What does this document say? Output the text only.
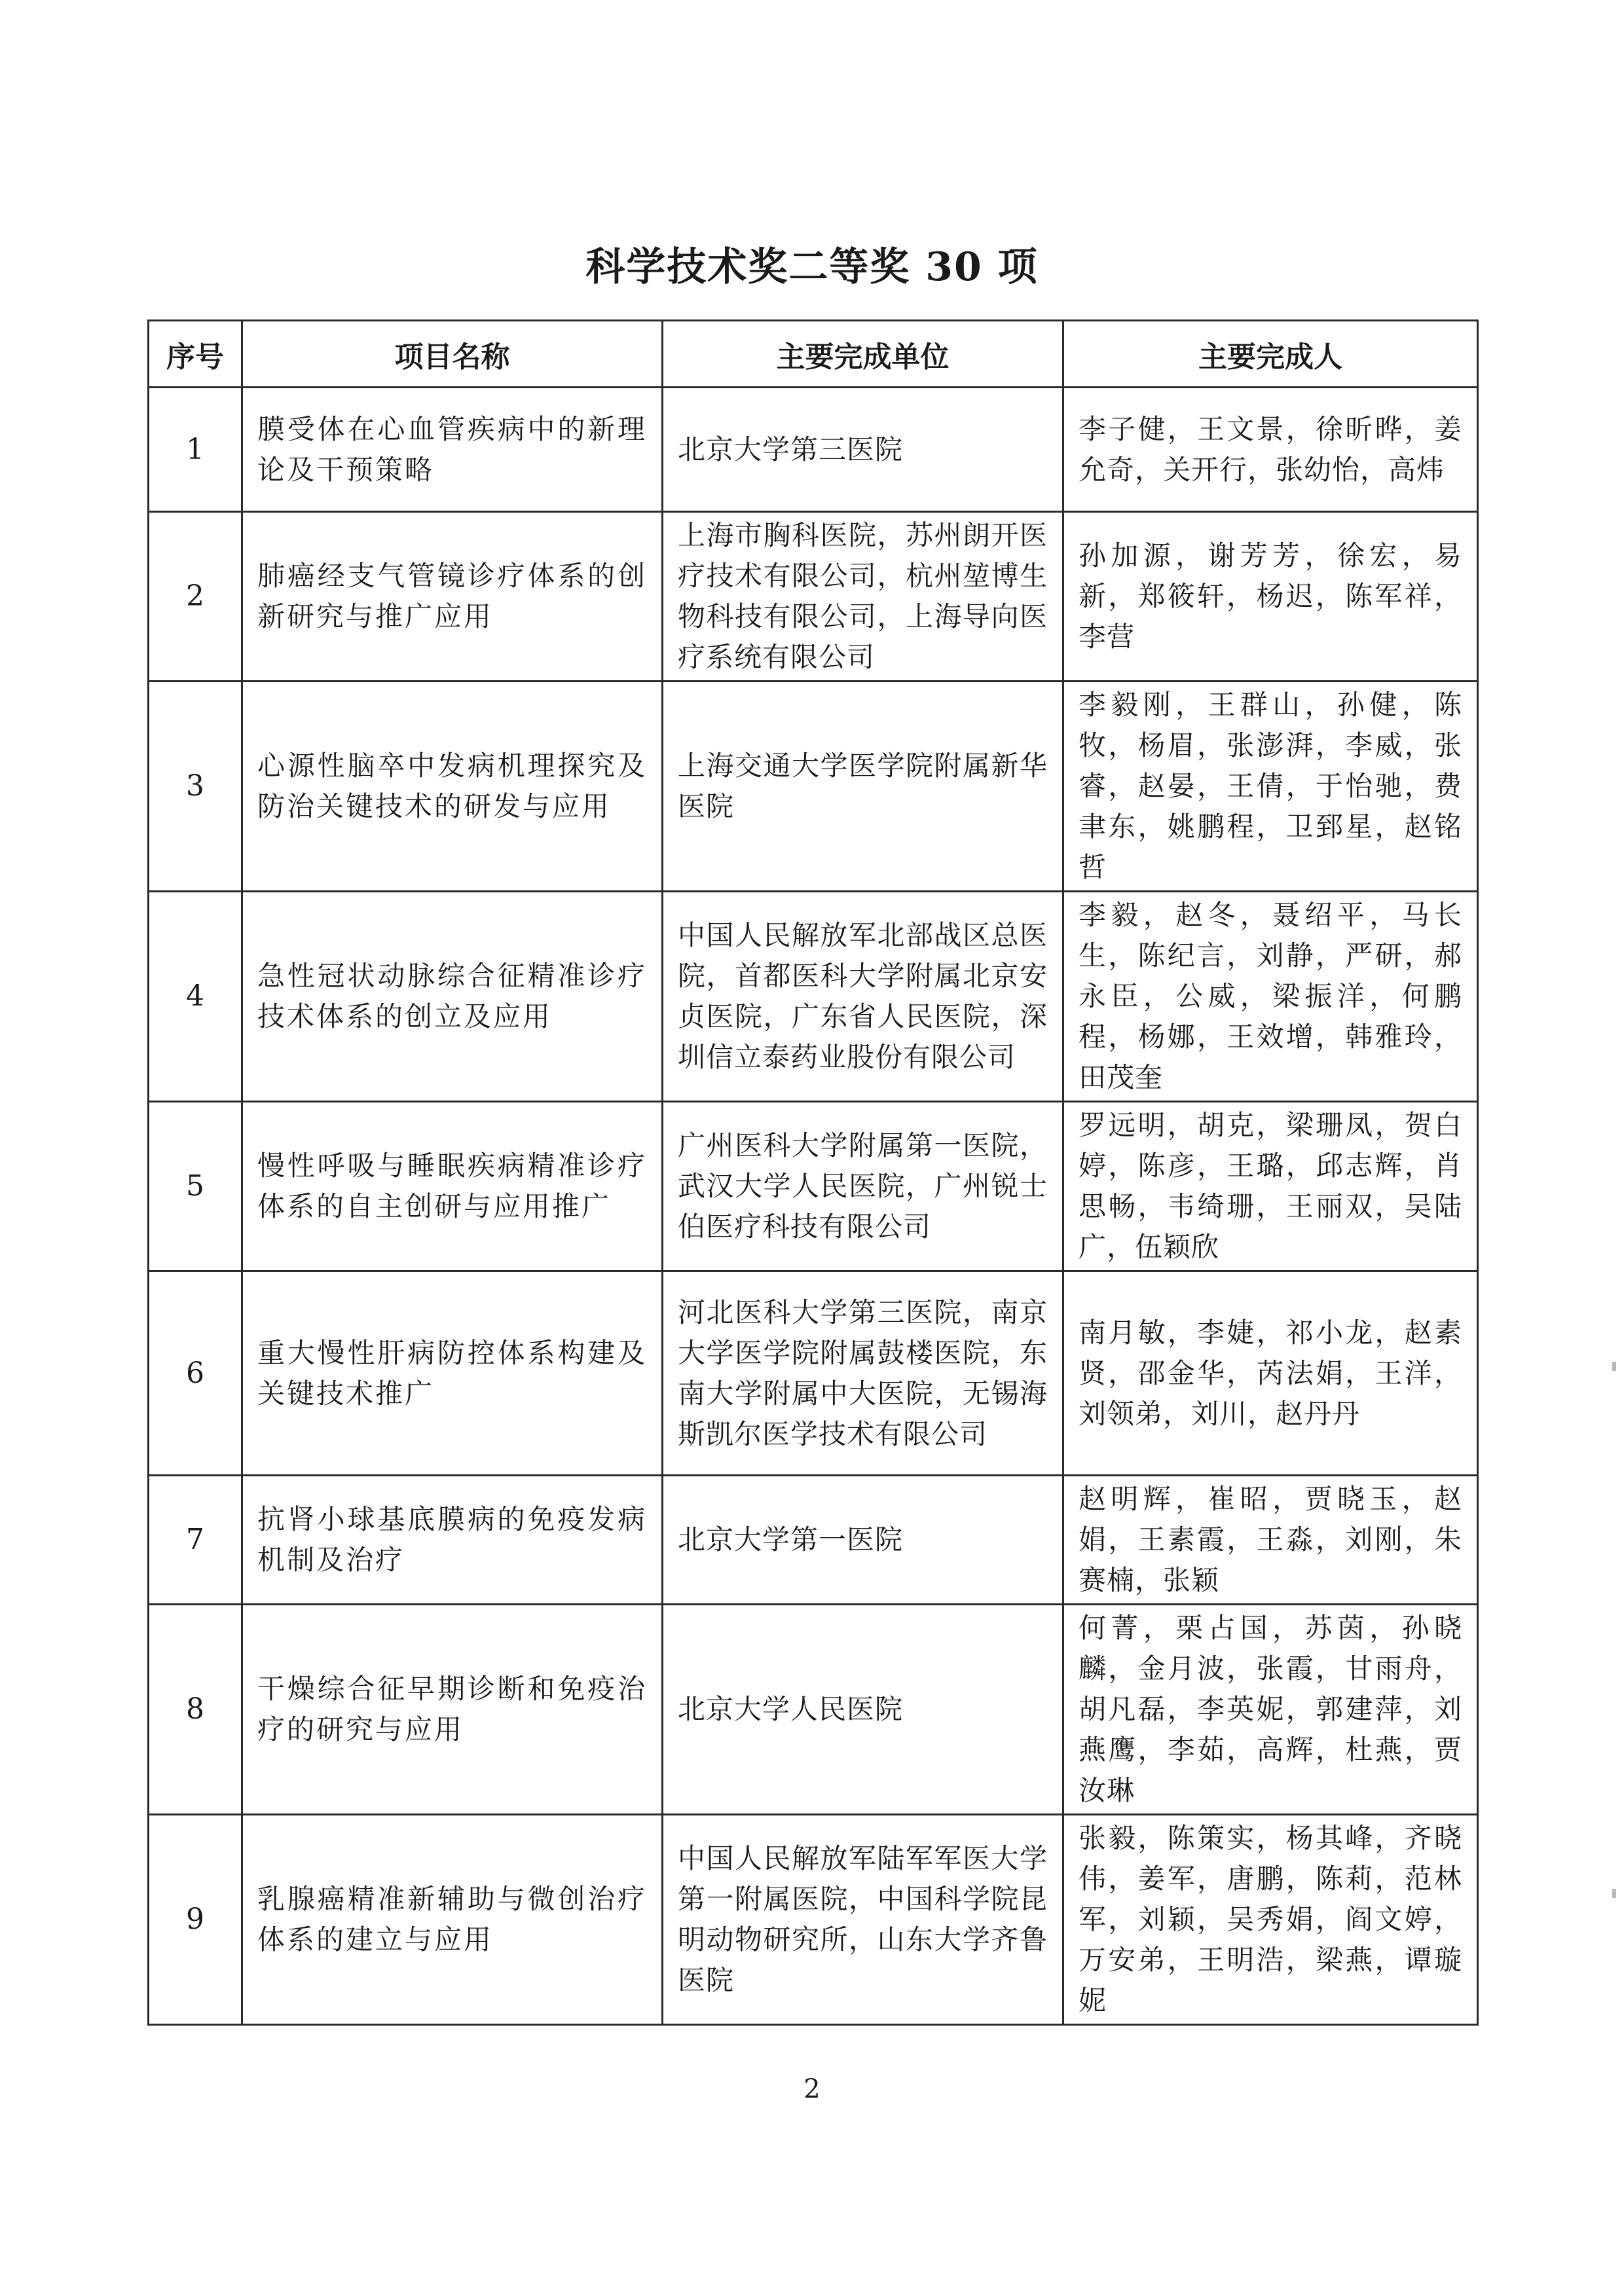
科学技术奖二等奖 30 项
序号	项目名称	主要完成单位	主要完成人
1	膜受体在心血管疾病中的新理论及干预策略	北京大学第三医院	李子健，王文景，徐昕晔，姜允奇，关开行，张幼怡，高炜
2	肺癌经支气管镜诊疗体系的创新研究与推广应用	上海市胸科医院，苏州朗开医疗技术有限公司，杭州堃博生物科技有限公司，上海导向医疗系统有限公司	孙加源，谢芳芳，徐宏，易新，郑筱轩，杨迟，陈军祥，李营
3	心源性脑卒中发病机理探究及防治关键技术的研发与应用	上海交通大学医学院附属新华医院	李毅刚，王群山，孙健，陈牧，杨眉，张澎湃，李威，张睿，赵晏，王倩，于怡驰，费聿东，姚鹏程，卫郅星，赵铭哲
4	急性冠状动脉综合征精准诊疗技术体系的创立及应用	中国人民解放军北部战区总医院，首都医科大学附属北京安贞医院，广东省人民医院，深圳信立泰药业股份有限公司	李毅，赵冬，聂绍平，马长生，陈纪言，刘静，严研，郝永臣，公威，梁振洋，何鹏程，杨娜，王效增，韩雅玲，田茂奎
5	慢性呼吸与睡眠疾病精准诊疗体系的自主创研与应用推广	广州医科大学附属第一医院，武汉大学人民医院，广州锐士伯医疗科技有限公司	罗远明，胡克，梁珊凤，贺白婷，陈彦，王璐，邱志辉，肖思畅，韦绮珊，王丽双，吴陆广，伍颖欣
6	重大慢性肝病防控体系构建及关键技术推广	河北医科大学第三医院，南京大学医学院附属鼓楼医院，东南大学附属中大医院，无锡海斯凯尔医学技术有限公司	南月敏，李婕，祁小龙，赵素贤，邵金华，芮法娟，王洋，刘领弟，刘川，赵丹丹
7	抗肾小球基底膜病的免疫发病机制及治疗	北京大学第一医院	赵明辉，崔昭，贾晓玉，赵娟，王素霞，王淼，刘刚，朱赛楠，张颖
8	干燥综合征早期诊断和免疫治疗的研究与应用	北京大学人民医院	何菁，栗占国，苏茵，孙晓麟，金月波，张霞，甘雨舟，胡凡磊，李英妮，郭建萍，刘燕鹰，李茹，高辉，杜燕，贾汝琳
9	乳腺癌精准新辅助与微创治疗体系的建立与应用	中国人民解放军陆军军医大学第一附属医院，中国科学院昆明动物研究所，山东大学齐鲁医院	张毅，陈策实，杨其峰，齐晓伟，姜军，唐鹏，陈莉，范林军，刘颖，吴秀娟，阎文婷，万安弟，王明浩，梁燕，谭璇妮
2
